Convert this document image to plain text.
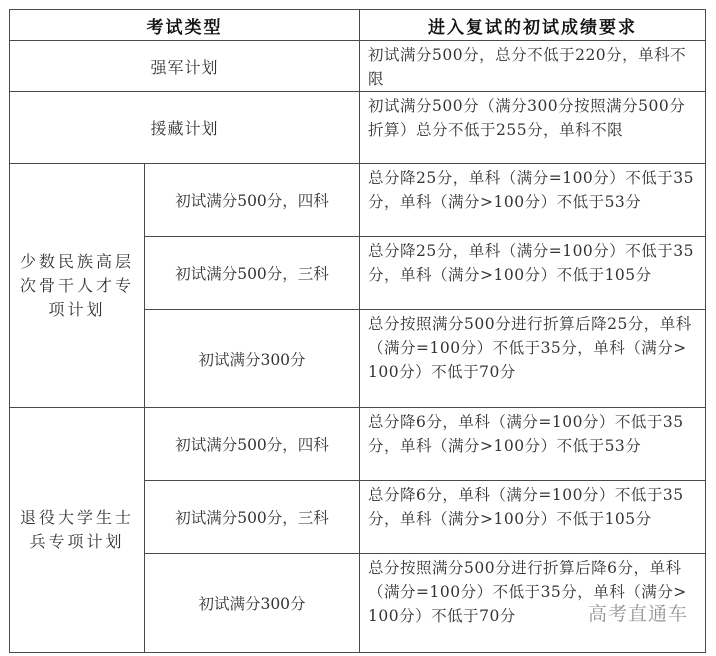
考试类型		进入复试的初试成绩要求
强军计划		初试满分500分，总分不低于220分，单科不限
援藏计划		初试满分500分（满分300分按照满分500分折算）总分不低于255分，单科不限
少数民族高层次骨干人才专项计划	初试满分500分，四科	总分降25分，单科（满分=100分）不低于35分，单科（满分>100分）不低于53分
	初试满分500分，三科	总分降25分，单科（满分=100分）不低于35分，单科（满分>100分）不低于105分
	初试满分300分	总分按照满分500分进行折算后降25分，单科（满分=100分）不低于35分，单科（满分>100分）不低于70分
退役大学生士兵专项计划	初试满分500分，四科	总分降6分，单科（满分=100分）不低于35分，单科（满分>100分）不低于53分
	初试满分500分，三科	总分降6分，单科（满分=100分）不低于35分，单科（满分>100分）不低于105分
	初试满分300分	总分按照满分500分进行折算后降6分，单科（满分=100分）不低于35分，单科（满分>100分）不低于70分	高考直通车
